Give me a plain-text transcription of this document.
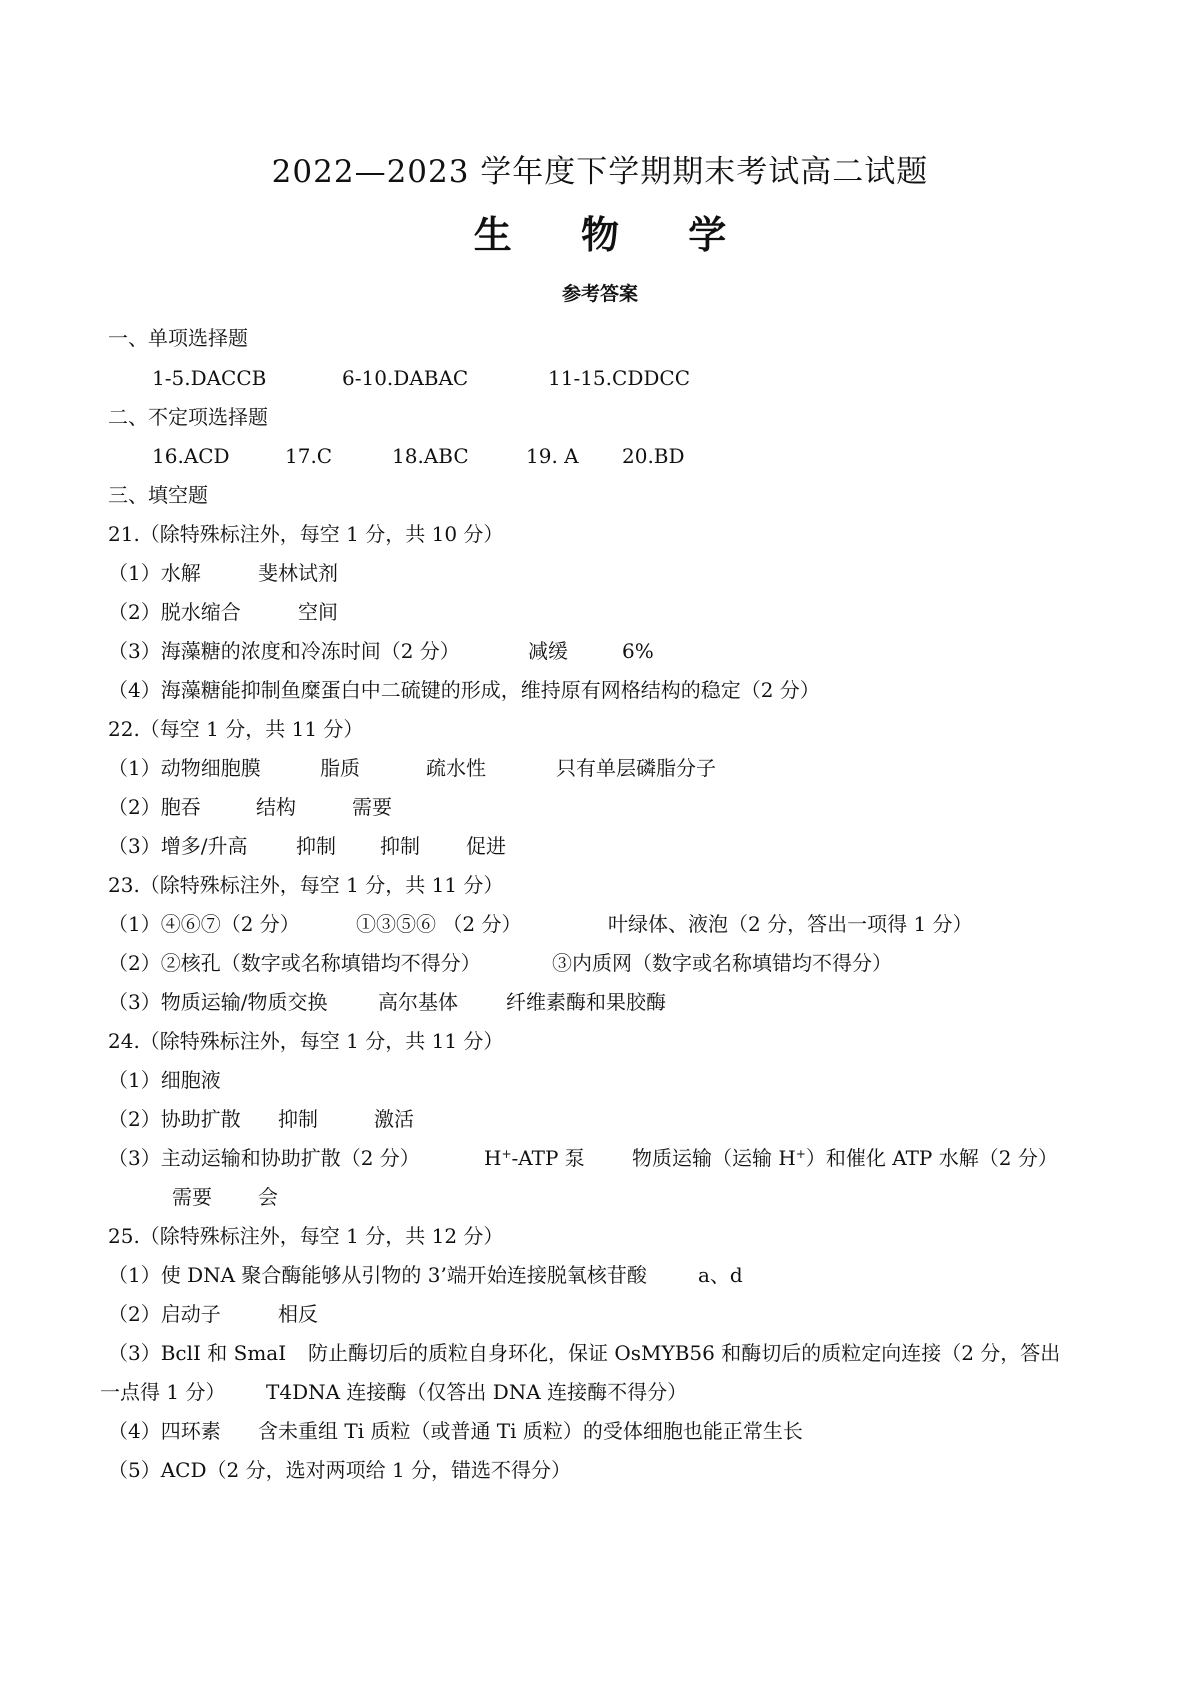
2022—2023 学年度下学期期末考试高二试题
生 物 学
参考答案
一、单项选择题
1-5.DACCB	6-10.DABAC	11-15.CDDCC
二、不定项选择题
16.ACD	17.C	18.ABC	19. A 20.BD
三、填空题
21.（除特殊标注外，每空 1 分，共 10 分）
（1）水解	斐林试剂
（2）脱水缩合	空间
（3）海藻糖的浓度和冷冻时间（2 分）	减缓	6%
（4）海藻糖能抑制鱼糜蛋白中二硫键的形成，维持原有网格结构的稳定（2 分）
22.（每空 1 分，共 11 分）
（1）动物细胞膜	脂质	疏水性	只有单层磷脂分子
（2）胞吞	结构	需要
（3）增多/升高 抑制 抑制 促进
23.（除特殊标注外，每空 1 分，共 11 分）
（1）④⑥⑦（2 分）	①③⑤⑥ （2 分）	叶绿体、液泡（2 分，答出一项得 1 分）
（2）②核孔（数字或名称填错均不得分）	③内质网（数字或名称填错均不得分）
（3）物质运输/物质交换	高尔基体 纤维素酶和果胶酶
24.（除特殊标注外，每空 1 分，共 11 分）
（1）细胞液
（2）协助扩散 抑制	激活
（3）主动运输和协助扩散（2 分）	H+-ATP 泵 物质运输（运输 H+）和催化 ATP 水解（2 分）
需要 会
25.（除特殊标注外，每空 1 分，共 12 分）
（1）使 DNA 聚合酶能够从引物的 3’端开始连接脱氧核苷酸	a、d
（2）启动子	相反
（3）BclI 和 SmaI 防止酶切后的质粒自身环化，保证 OsMYB56 和酶切后的质粒定向连接（2 分，答出
一点得 1 分） T4DNA 连接酶（仅答出 DNA 连接酶不得分）
（4）四环素 含未重组 Ti 质粒（或普通 Ti 质粒）的受体细胞也能正常生长
（5）ACD（2 分，选对两项给 1 分，错选不得分）
